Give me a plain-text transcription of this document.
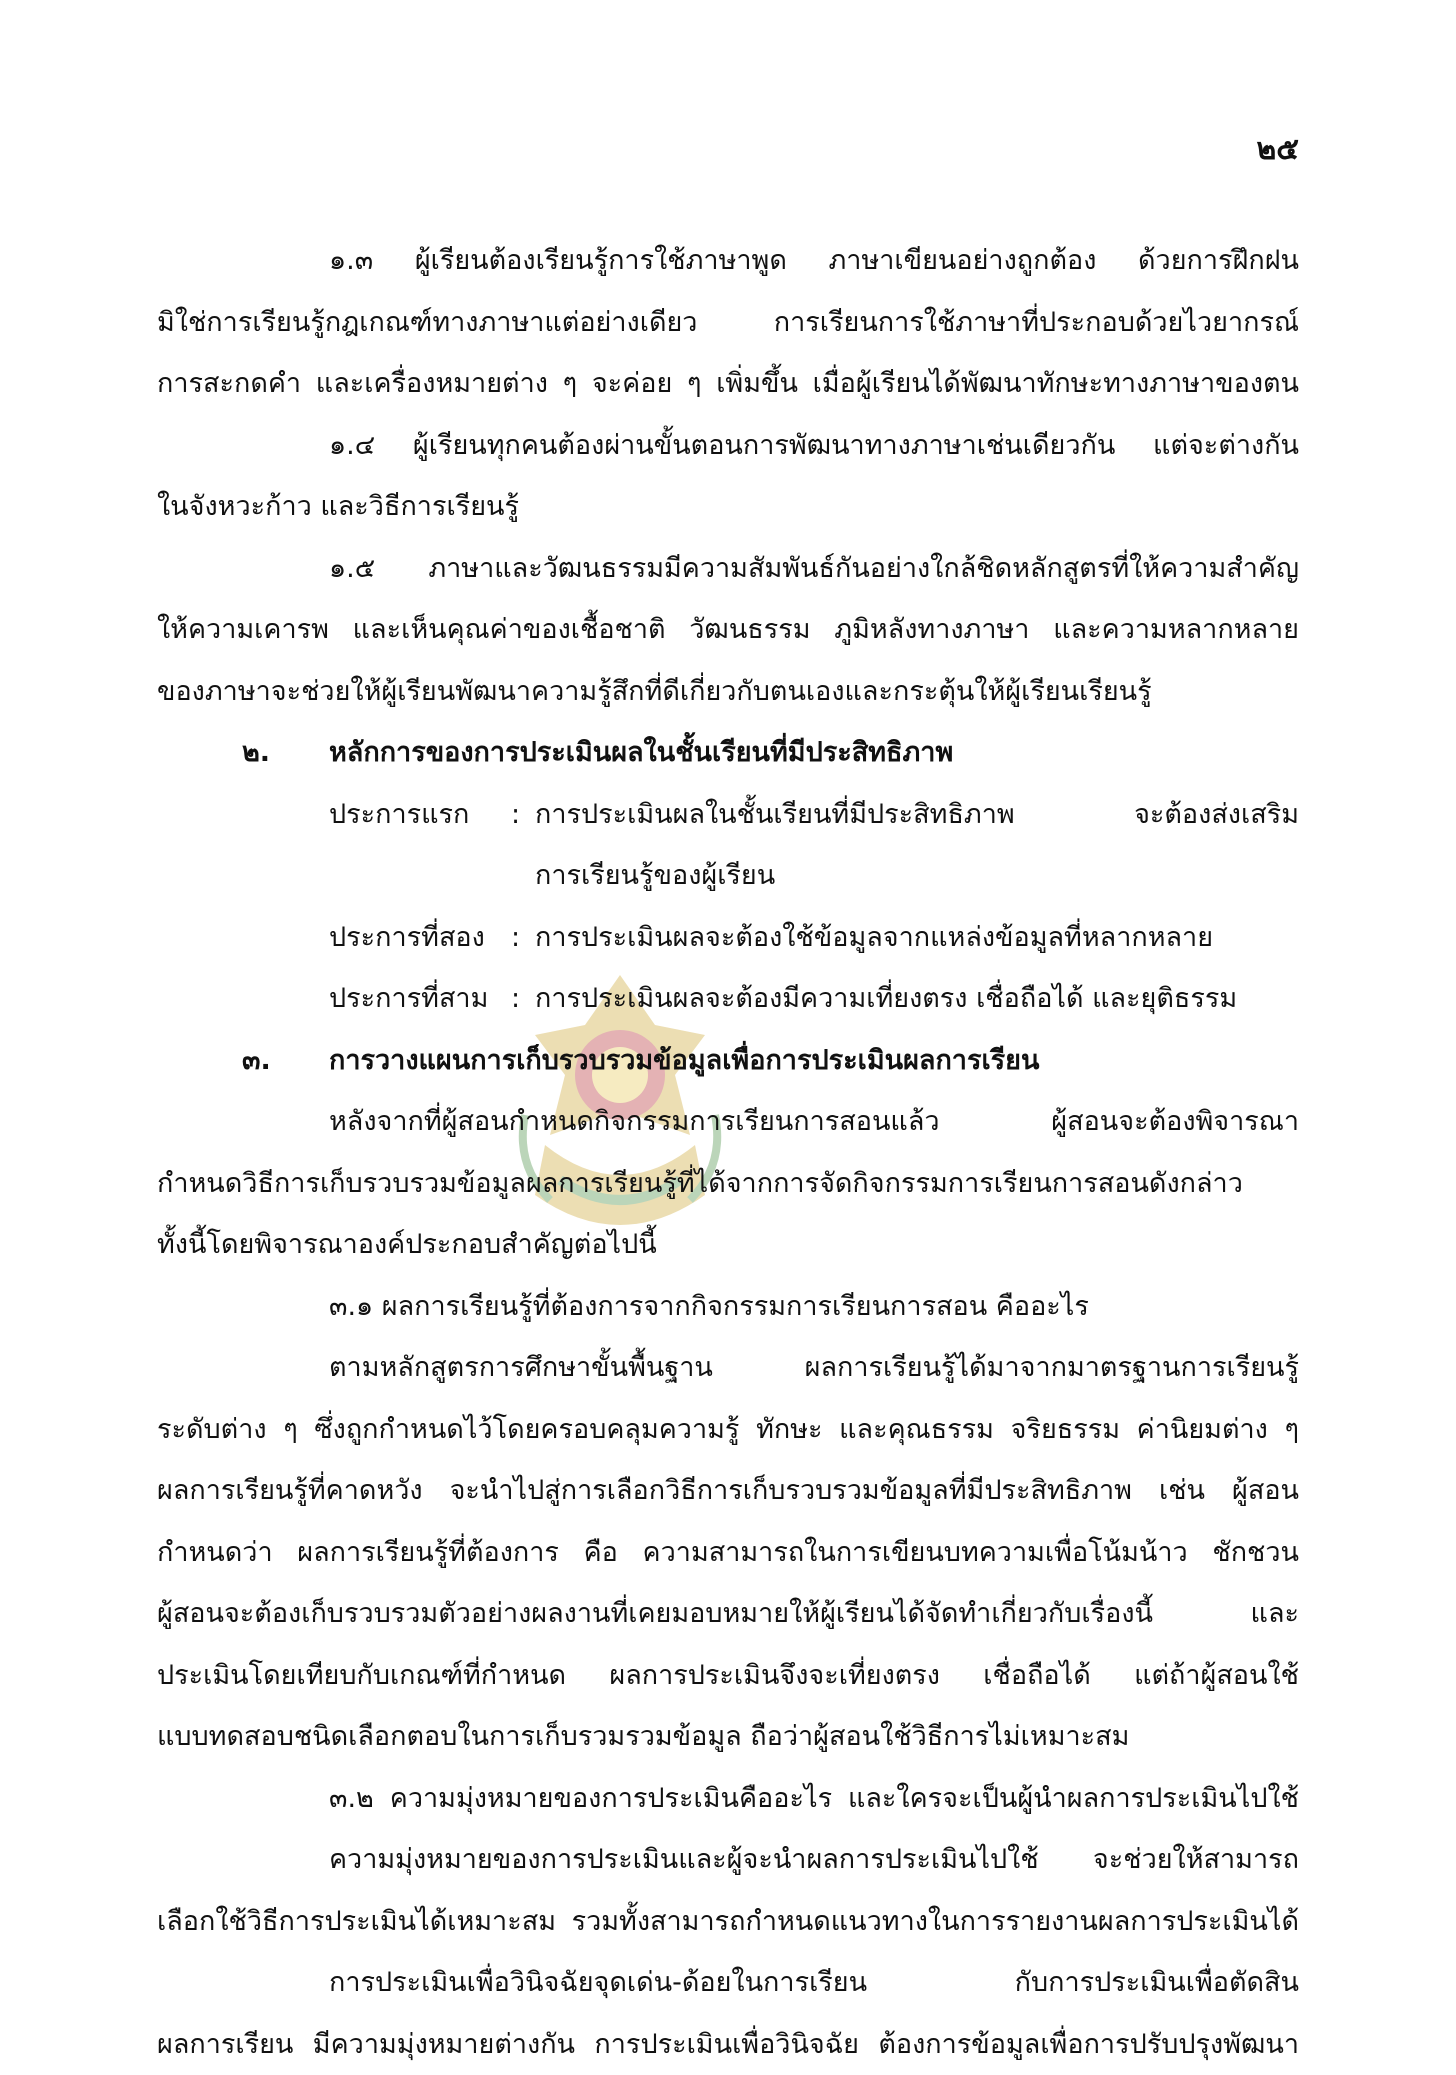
๒๕
๑.๓ ผู้เรียนต้องเรียนรู้การใช้ภาษาพูด ภาษาเขียนอย่างถูกต้อง ด้วยการฝึกฝน
มิใช่การเรียนรู้กฎเกณฑ์ทางภาษาแต่อย่างเดียว การเรียนการใช้ภาษาที่ประกอบด้วยไวยากรณ์
การสะกดคำ และเครื่องหมายต่าง ๆ จะค่อย ๆ เพิ่มขึ้น เมื่อผู้เรียนได้พัฒนาทักษะทางภาษาของตน
๑.๔ ผู้เรียนทุกคนต้องผ่านขั้นตอนการพัฒนาทางภาษาเช่นเดียวกัน แต่จะต่างกัน
ในจังหวะก้าว และวิธีการเรียนรู้
๑.๕ ภาษาและวัฒนธรรมมีความสัมพันธ์กันอย่างใกล้ชิดหลักสูตรที่ให้ความสำคัญ
ให้ความเคารพ และเห็นคุณค่าของเชื้อชาติ วัฒนธรรม ภูมิหลังทางภาษา และความหลากหลาย
ของภาษาจะช่วยให้ผู้เรียนพัฒนาความรู้สึกที่ดีเกี่ยวกับตนเองและกระตุ้นให้ผู้เรียนเรียนรู้
๒. หลักการของการประเมินผลในชั้นเรียนที่มีประสิทธิภาพ
ประการแรก	: การประเมินผลในชั้นเรียนที่มีประสิทธิภาพ จะต้องส่งเสริม
การเรียนรู้ของผู้เรียน
ประการที่สอง : การประเมินผลจะต้องใช้ข้อมูลจากแหล่งข้อมูลที่หลากหลาย
ประการที่สาม : การประเมินผลจะต้องมีความเที่ยงตรง เชื่อถือได้ และยุติธรรม
๓. การวางแผนการเก็บรวบรวมข้อมูลเพื่อการประเมินผลการเรียน
หลังจากที่ผู้สอนกำหนดกิจกรรมการเรียนการสอนแล้ว ผู้สอนจะต้องพิจารณา
กำหนดวิธีการเก็บรวบรวมข้อมูลผลการเรียนรู้ที่ได้จากการจัดกิจกรรมการเรียนการสอนดังกล่าว
ทั้งนี้โดยพิจารณาองค์ประกอบสำคัญต่อไปนี้
๓.๑ ผลการเรียนรู้ที่ต้องการจากกิจกรรมการเรียนการสอน คืออะไร
ตามหลักสูตรการศึกษาขั้นพื้นฐาน ผลการเรียนรู้ได้มาจากมาตรฐานการเรียนรู้
ระดับต่าง ๆ ซึ่งถูกกำหนดไว้โดยครอบคลุมความรู้ ทักษะ และคุณธรรม จริยธรรม ค่านิยมต่าง ๆ
ผลการเรียนรู้ที่คาดหวัง จะนำไปสู่การเลือกวิธีการเก็บรวบรวมข้อมูลที่มีประสิทธิภาพ เช่น ผู้สอน
กำหนดว่า ผลการเรียนรู้ที่ต้องการ คือ ความสามารถในการเขียนบทความเพื่อโน้มน้าว ชักชวน
ผู้สอนจะต้องเก็บรวบรวมตัวอย่างผลงานที่เคยมอบหมายให้ผู้เรียนได้จัดทำเกี่ยวกับเรื่องนี้ และ
ประเมินโดยเทียบกับเกณฑ์ที่กำหนด ผลการประเมินจึงจะเที่ยงตรง เชื่อถือได้ แต่ถ้าผู้สอนใช้
แบบทดสอบชนิดเลือกตอบในการเก็บรวมรวมข้อมูล ถือว่าผู้สอนใช้วิธีการไม่เหมาะสม
๓.๒ ความมุ่งหมายของการประเมินคืออะไร และใครจะเป็นผู้นำผลการประเมินไปใช้
ความมุ่งหมายของการประเมินและผู้จะนำผลการประเมินไปใช้ จะช่วยให้สามารถ
เลือกใช้วิธีการประเมินได้เหมาะสม รวมทั้งสามารถกำหนดแนวทางในการรายงานผลการประเมินได้
การประเมินเพื่อวินิจฉัยจุดเด่น-ด้อยในการเรียน กับการประเมินเพื่อตัดสิน
ผลการเรียน มีความมุ่งหมายต่างกัน การประเมินเพื่อวินิจฉัย ต้องการข้อมูลเพื่อการปรับปรุงพัฒนา
